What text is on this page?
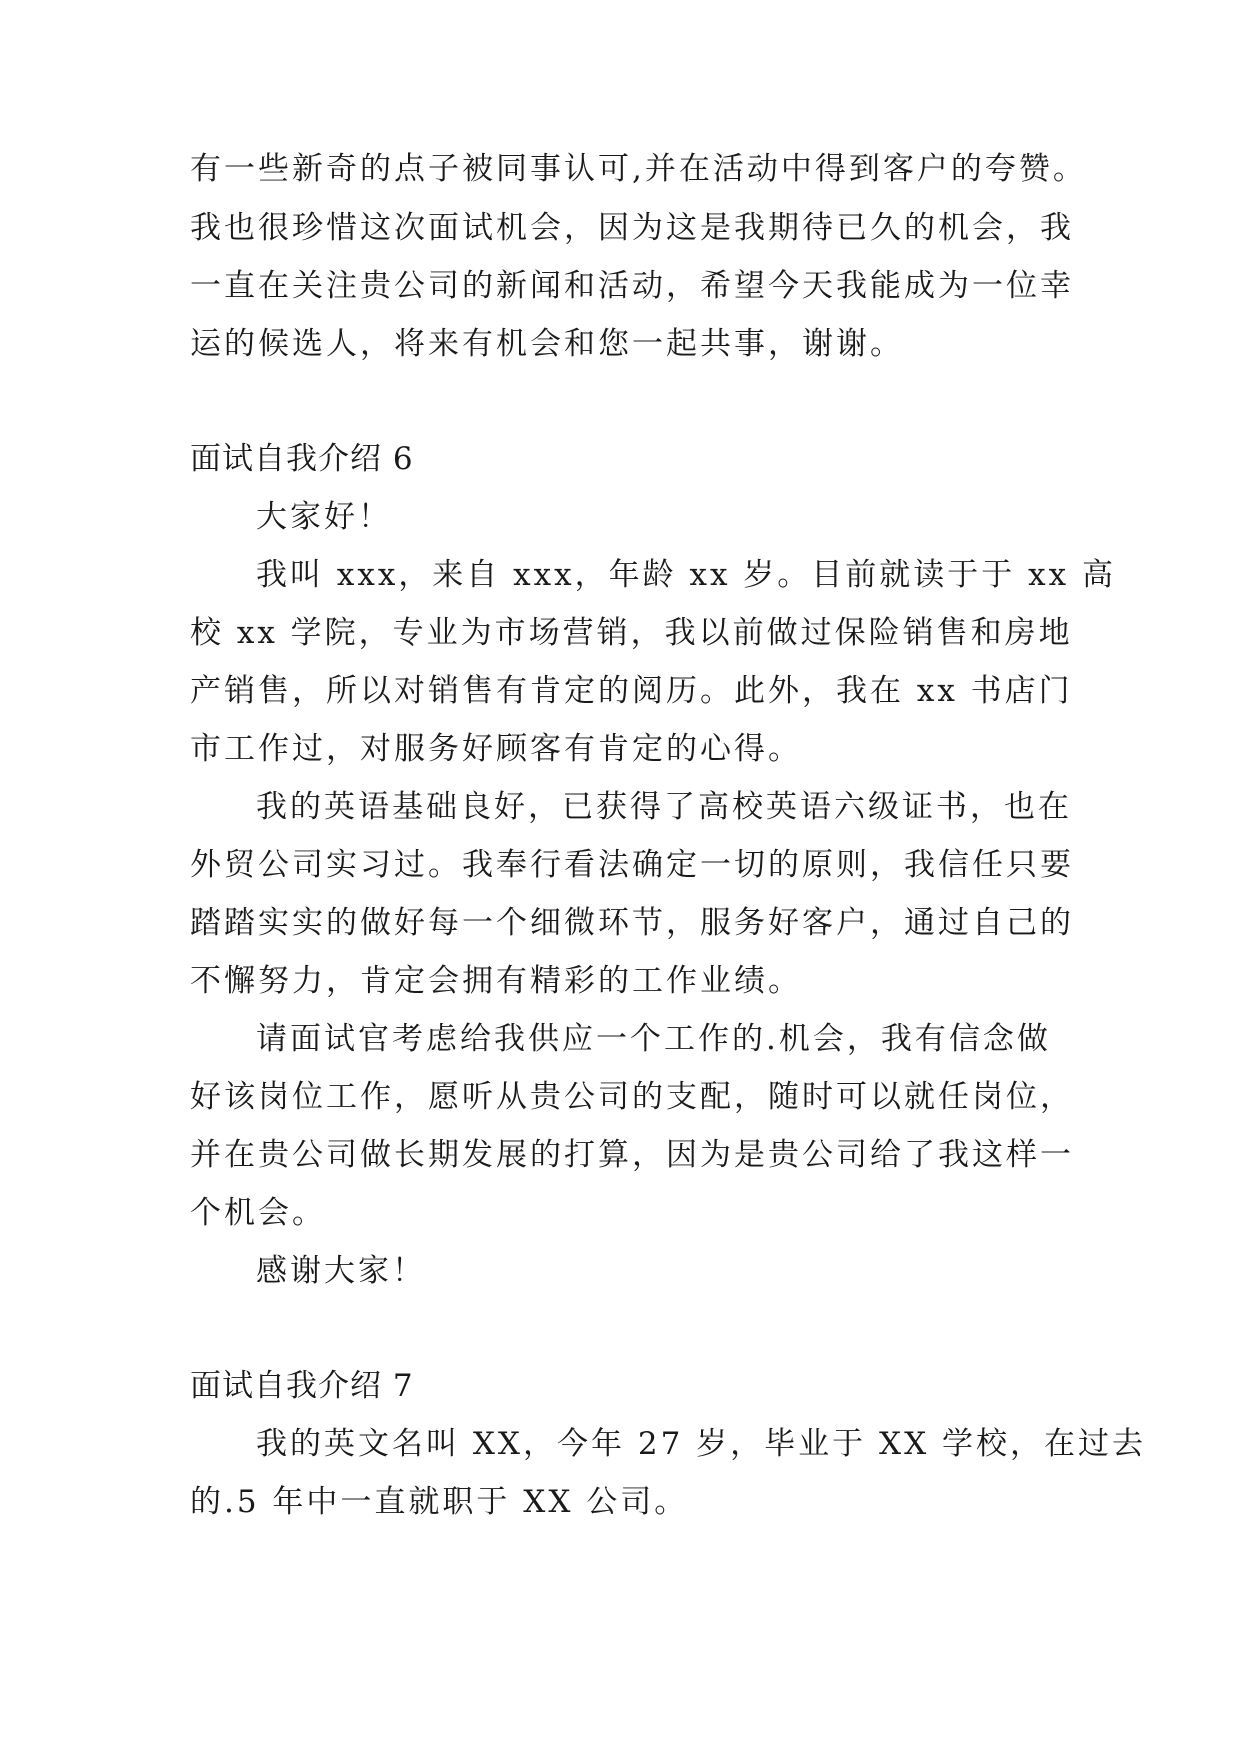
有一些新奇的点子被同事认可,并在活动中得到客户的夸赞。
我也很珍惜这次面试机会，因为这是我期待已久的机会，我
一直在关注贵公司的新闻和活动，希望今天我能成为一位幸
运的候选人，将来有机会和您一起共事，谢谢。
面试自我介绍 6
大家好！
我叫 xxx，来自 xxx，年龄 xx 岁。目前就读于于 xx 高
校 xx 学院，专业为市场营销，我以前做过保险销售和房地
产销售，所以对销售有肯定的阅历。此外，我在 xx 书店门
市工作过，对服务好顾客有肯定的心得。
我的英语基础良好，已获得了高校英语六级证书，也在
外贸公司实习过。我奉行看法确定一切的原则，我信任只要
踏踏实实的做好每一个细微环节，服务好客户，通过自己的
不懈努力，肯定会拥有精彩的工作业绩。
请面试官考虑给我供应一个工作的.机会，我有信念做
好该岗位工作，愿听从贵公司的支配，随时可以就任岗位，
并在贵公司做长期发展的打算，因为是贵公司给了我这样一
个机会。
感谢大家！
面试自我介绍 7
我的英文名叫 XX，今年 27 岁，毕业于 XX 学校，在过去
的.5 年中一直就职于 XX 公司。
